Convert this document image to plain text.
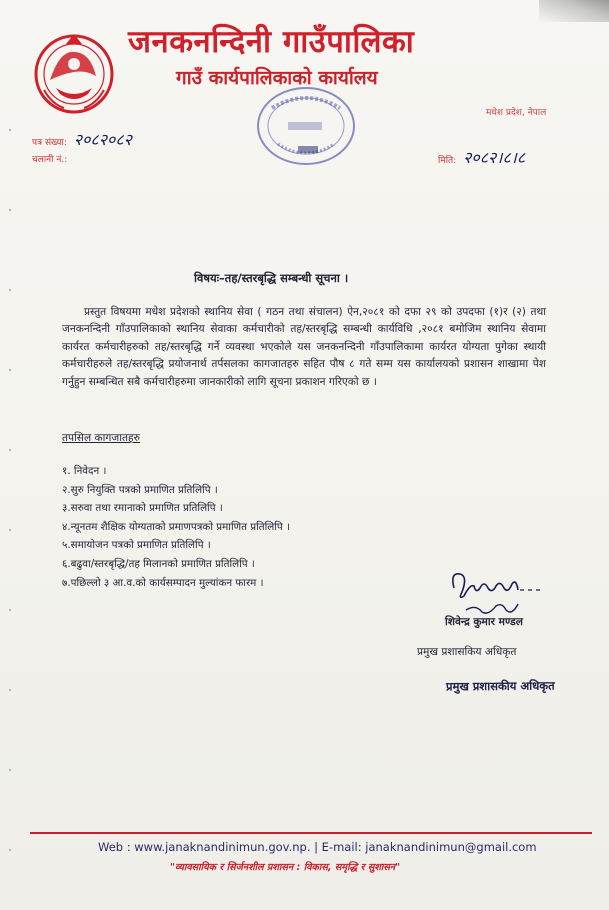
जनकनन्दिनी गाउँपालिका
गाउँ कार्यपालिकाको कार्यालय
मधेश प्रदेश, नेपाल
पत्र संख्या: २०८२०८२
चलानी नं.:	मिति: २०८२।८।८
विषयः–तह/स्तरबृद्धि सम्बन्धी सूचना ।

प्रस्तुत विषयमा मधेश प्रदेशको स्थानिय सेवा ( गठन तथा संचालन) ऐन,२०८१ को दफा २९ को उपदफा (१)र (२) तथा जनकनन्दिनी गाँउपालिकाको स्थानिय सेवाका कर्मचारीको तह/स्तरबृद्धि सम्बन्धी कार्यविधि ,२०८१ बमोजिम स्थानिय सेवामा कार्यरत कर्मचारीहरुको तह/स्तरबृद्धि गर्ने व्यवस्था भएकोले यस जनकनन्दिनी गाँउपालिकामा कार्यरत योग्यता पुगेका स्थायी कर्मचारीहरुले तह/स्तरबृद्धि प्रयोजनार्थ तर्पसलका कागजातहरु सहित पौष ८ गते सम्म यस कार्यालयको प्रशासन शाखामा पेश गर्नुहुन सम्बन्धित सबै कर्मचारीहरुमा जानकारीको लागि सूचना प्रकाशन गरिएको छ ।

तपसिल कागजातहरु
१. निवेदन ।
२.सुरु नियुक्ति पत्रको प्रमाणित प्रतिलिपि ।
३.सरुवा तथा रमानाको प्रमाणित प्रतिलिपि ।
४.न्यूनतम शैक्षिक योग्यताको प्रमाणपत्रको प्रमाणित प्रतिलिपि ।
५.समायोजन पत्रको प्रमाणित प्रतिलिपि ।
६.बढुवा/स्तरबृद्धि/तह मिलानको प्रमाणित प्रतिलिपि ।
७.पछिल्लो ३ आ.व.को कार्यसम्पादन मुल्यांकन फारम ।
शिवेन्द्र कुमार मण्डल
प्रमुख प्रशासकिय अधिकृत
प्रमुख प्रशासकीय अधिकृत
Web : www.janaknandinimun.gov.np. | E-mail: janaknandinimun@gmail.com
"व्यावसायिक र सिर्जनशील प्रशासन : विकास, समृद्धि र सुशासन"
